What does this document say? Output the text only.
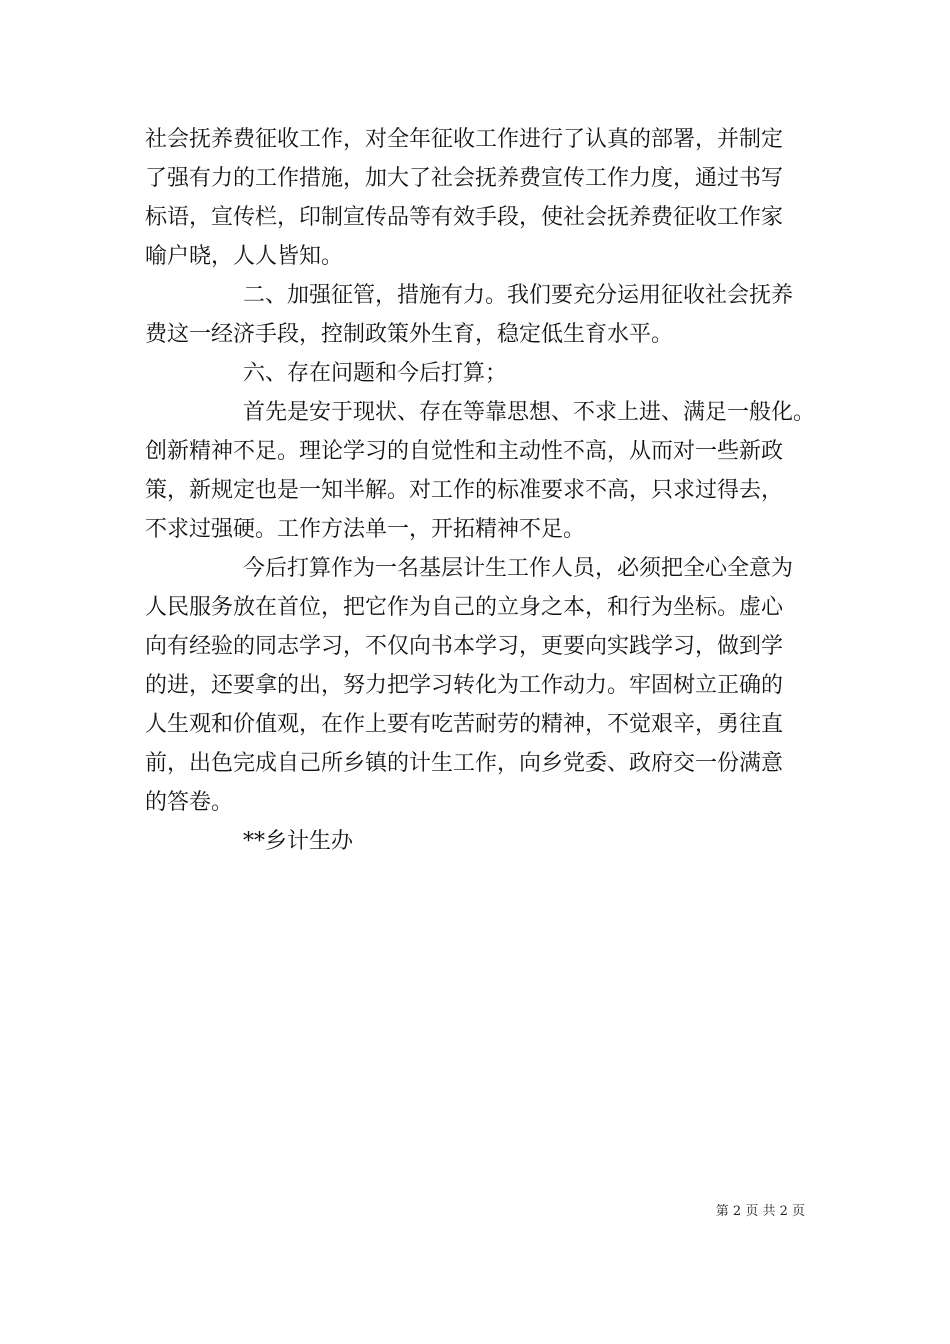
社会抚养费征收工作，对全年征收工作进行了认真的部署，并制定
了强有力的工作措施，加大了社会抚养费宣传工作力度，通过书写
标语，宣传栏，印制宣传品等有效手段，使社会抚养费征收工作家
喻户晓，人人皆知。
二、加强征管，措施有力。我们要充分运用征收社会抚养
费这一经济手段，控制政策外生育，稳定低生育水平。
六、存在问题和今后打算；
首先是安于现状、存在等靠思想、不求上进、满足一般化。
创新精神不足。理论学习的自觉性和主动性不高，从而对一些新政
策，新规定也是一知半解。对工作的标准要求不高，只求过得去，
不求过强硬。工作方法单一，开拓精神不足。
今后打算作为一名基层计生工作人员，必须把全心全意为
人民服务放在首位，把它作为自己的立身之本，和行为坐标。虚心
向有经验的同志学习，不仅向书本学习，更要向实践学习，做到学
的进，还要拿的出，努力把学习转化为工作动力。牢固树立正确的
人生观和价值观，在作上要有吃苦耐劳的精神，不觉艰辛，勇往直
前，出色完成自己所乡镇的计生工作，向乡党委、政府交一份满意
的答卷。
**乡计生办
第 2 页 共 2 页
